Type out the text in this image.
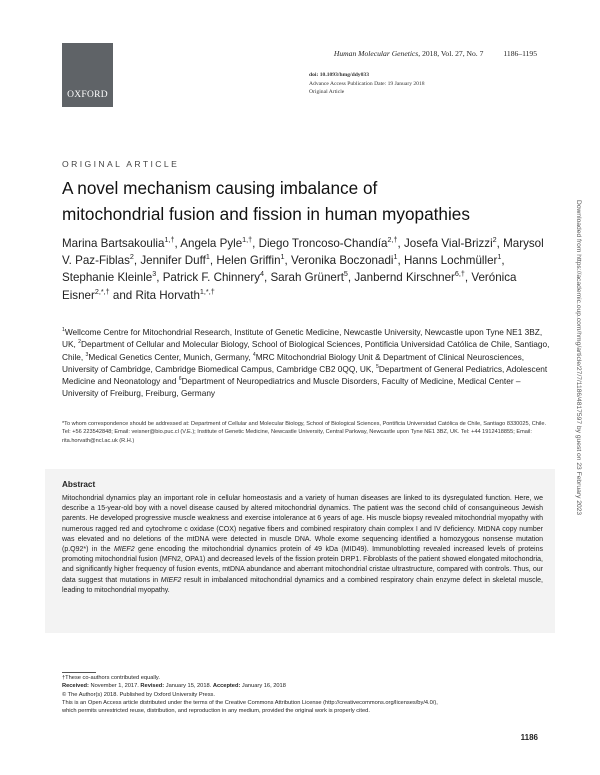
OXFORD
Human Molecular Genetics, 2018, Vol. 27, No. 7	1186–1195
doi: 10.1093/hmg/ddy033
Advance Access Publication Date: 19 January 2018
Original Article
ORIGINAL ARTICLE
A novel mechanism causing imbalance of
mitochondrial fusion and fission in human myopathies
Marina Bartsakoulia$^{1,\dagger}$, Angela Pyle$^{1,\dagger}$, Diego Troncoso-Chandía$^{2,\dagger}$, Josefa Vial-Brizzi$^2$, Marysol V. Paz-Fiblas$^2$, Jennifer Duff$^1$, Helen Griffin$^1$, Veronika Boczonadi$^1$, Hanns Lochmüller$^1$, Stephanie Kleinle$^3$, Patrick F. Chinnery$^4$, Sarah Grünert$^5$, Janbernd Kirschner$^{6,\dagger}$, Verónica Eisner$^{2,*,\dagger}$ and Rita Horvath$^{1,*,\dagger}$
$^1$Wellcome Centre for Mitochondrial Research, Institute of Genetic Medicine, Newcastle University, Newcastle upon Tyne NE1 3BZ, UK, $^2$Department of Cellular and Molecular Biology, School of Biological Sciences, Pontificia Universidad Católica de Chile, Santiago, Chile, $^3$Medical Genetics Center, Munich, Germany, $^4$MRC Mitochondrial Biology Unit & Department of Clinical Neurosciences, University of Cambridge, Cambridge Biomedical Campus, Cambridge CB2 0QQ, UK, $^5$Department of General Pediatrics, Adolescent Medicine and Neonatology and $^6$Department of Neuropediatrics and Muscle Disorders, Faculty of Medicine, Medical Center – University of Freiburg, Freiburg, Germany
*To whom correspondence should be addressed at: Department of Cellular and Molecular Biology, School of Biological Sciences, Pontificia Universidad Católica de Chile, Santiago 8330025, Chile. Tel: +56 223542848; Email: veisner@bio.puc.cl (V.E.); Institute of Genetic Medicine, Newcastle University, Central Parkway, Newcastle upon Tyne NE1 3BZ, UK. Tel: +44 1912418855; Email: rita.horvath@ncl.ac.uk (R.H.)
Abstract
Mitochondrial dynamics play an important role in cellular homeostasis and a variety of human diseases are linked to its dysregulated function. Here, we describe a 15-year-old boy with a novel disease caused by altered mitochondrial dynamics. The patient was the second child of consanguineous Jewish parents. He developed progressive muscle weakness and exercise intolerance at 6 years of age. His muscle biopsy revealed mitochondrial myopathy with numerous ragged red and cytochrome c oxidase (COX) negative fibers and combined respiratory chain complex I and IV deficiency. MtDNA copy number was elevated and no deletions of the mtDNA were detected in muscle DNA. Whole exome sequencing identified a homozygous nonsense mutation (p.Q92*) in the MIEF2 gene encoding the mitochondrial dynamics protein of 49 kDa (MID49). Immunoblotting revealed increased levels of proteins promoting mitochondrial fusion (MFN2, OPA1) and decreased levels of the fission protein DRP1. Fibroblasts of the patient showed elongated mitochondria, and significantly higher frequency of fusion events, mtDNA abundance and aberrant mitochondrial cristae ultrastructure, compared with controls. Thus, our data suggest that mutations in MIEF2 result in imbalanced mitochondrial dynamics and a combined respiratory chain enzyme defect in skeletal muscle, leading to mitochondrial myopathy.
†These co-authors contributed equally.
Received: November 1, 2017. Revised: January 15, 2018. Accepted: January 16, 2018
© The Author(s) 2018. Published by Oxford University Press.
This is an Open Access article distributed under the terms of the Creative Commons Attribution License (http://creativecommons.org/licenses/by/4.0/),
which permits unrestricted reuse, distribution, and reproduction in any medium, provided the original work is properly cited.
1186
Downloaded from https://academic.oup.com/hmg/article/27/7/1186/4817597 by guest on 23 February 2023
